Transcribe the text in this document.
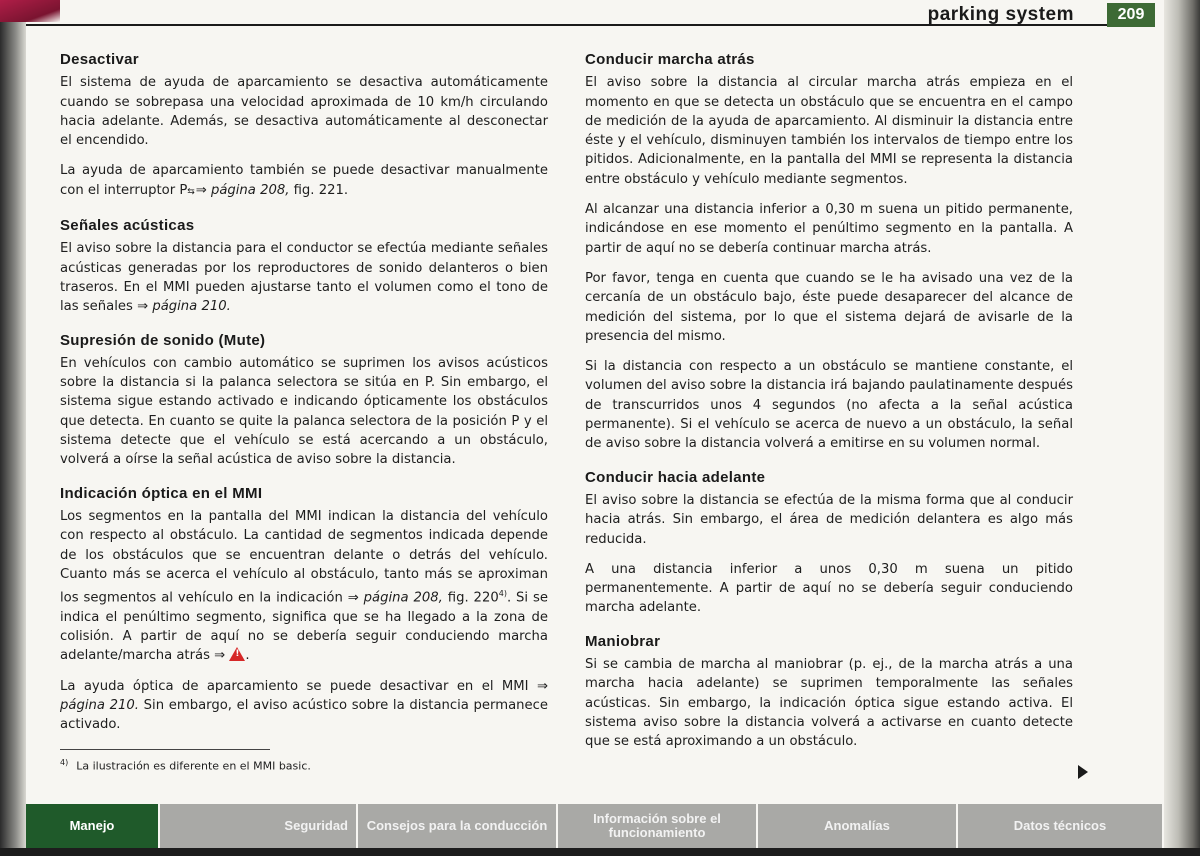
parking system	209
Desactivar

El sistema de ayuda de aparcamiento se desactiva automáticamente cuando se sobrepasa una velocidad aproximada de 10 km/h circulando hacia adelante. Además, se desactiva automáticamente al desconectar el encendido.

La ayuda de aparcamiento también se puede desactivar manualmente con el interruptor P⇆ ⇒ página 208, fig. 221.

Señales acústicas

El aviso sobre la distancia para el conductor se efectúa mediante señales acústicas generadas por los reproductores de sonido delanteros o bien traseros. En el MMI pueden ajustarse tanto el volumen como el tono de las señales ⇒ página 210.

Supresión de sonido (Mute)

En vehículos con cambio automático se suprimen los avisos acústicos sobre la distancia si la palanca selectora se sitúa en P. Sin embargo, el sistema sigue estando activado e indicando ópticamente los obstáculos que detecta. En cuanto se quite la palanca selectora de la posición P y el sistema detecte que el vehículo se está acercando a un obstáculo, volverá a oírse la señal acústica de aviso sobre la distancia.

Indicación óptica en el MMI

Los segmentos en la pantalla del MMI indican la distancia del vehículo con respecto al obstáculo. La cantidad de segmentos indicada depende de los obstáculos que se encuentran delante o detrás del vehículo. Cuanto más se acerca el vehículo al obstáculo, tanto más se aproximan los segmentos al vehículo en la indicación ⇒ página 208, fig. 220$^{4)}$. Si se indica el penúltimo segmento, significa que se ha llegado a la zona de colisión. A partir de aquí no se debería seguir conduciendo marcha adelante/marcha atrás ⇒ !.

La ayuda óptica de aparcamiento se puede desactivar en el MMI ⇒ página 210. Sin embargo, el aviso acústico sobre la distancia permanece activado.

$^{4)}$ La ilustración es diferente en el MMI basic.
Conducir marcha atrás

El aviso sobre la distancia al circular marcha atrás empieza en el momento en que se detecta un obstáculo que se encuentra en el campo de medición de la ayuda de aparcamiento. Al disminuir la distancia entre éste y el vehículo, disminuyen también los intervalos de tiempo entre los pitidos. Adicionalmente, en la pantalla del MMI se representa la distancia entre obstáculo y vehículo mediante segmentos.

Al alcanzar una distancia inferior a 0,30 m suena un pitido permanente, indicándose en ese momento el penúltimo segmento en la pantalla. A partir de aquí no se debería continuar marcha atrás.

Por favor, tenga en cuenta que cuando se le ha avisado una vez de la cercanía de un obstáculo bajo, éste puede desaparecer del alcance de medición del sistema, por lo que el sistema dejará de avisarle de la presencia del mismo.

Si la distancia con respecto a un obstáculo se mantiene constante, el volumen del aviso sobre la distancia irá bajando paulatinamente después de transcurridos unos 4 segundos (no afecta a la señal acústica permanente). Si el vehículo se acerca de nuevo a un obstáculo, la señal de aviso sobre la distancia volverá a emitirse en su volumen normal.

Conducir hacia adelante

El aviso sobre la distancia se efectúa de la misma forma que al conducir hacia atrás. Sin embargo, el área de medición delantera es algo más reducida.

A una distancia inferior a unos 0,30 m suena un pitido permanentemente. A partir de aquí no se debería seguir conduciendo marcha adelante.

Maniobrar

Si se cambia de marcha al maniobrar (p. ej., de la marcha atrás a una marcha hacia adelante) se suprimen temporalmente las señales acústicas. Sin embargo, la indicación óptica sigue estando activa. El sistema aviso sobre la distancia volverá a activarse en cuanto detecte que se está aproximando a un obstáculo.

Manejo	Seguridad	Consejos para la conducción	Información sobre el funcionamiento	Anomalías	Datos técnicos
